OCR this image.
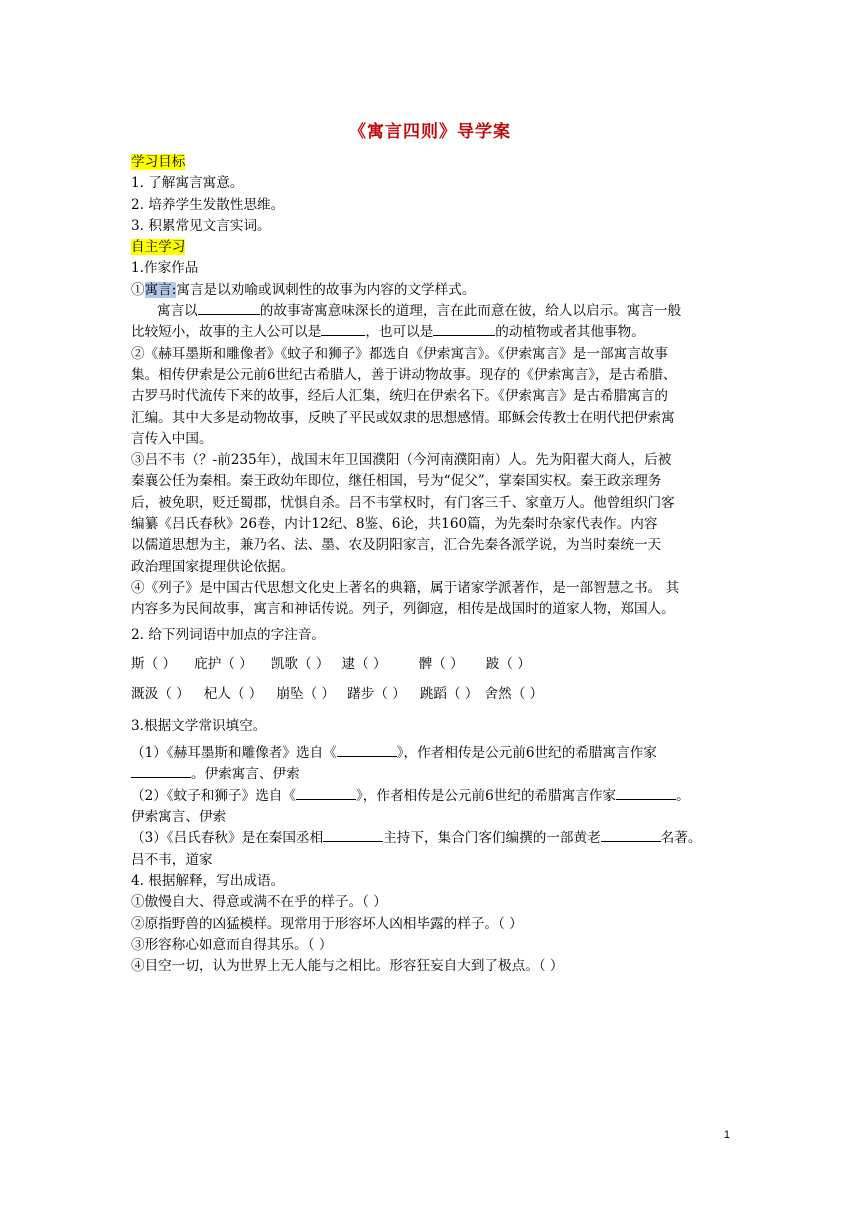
《寓言四则》导学案
学习目标
1. 了解寓言寓意。
2. 培养学生发散性思维。
3. 积累常见文言实词。
自主学习
1.作家作品
①寓言:寓言是以劝喻或讽刺性的故事为内容的文学样式。
寓言以	的故事寄寓意味深长的道理，言在此而意在彼，给人以启示。寓言一般
比较短小，故事的主人公可以是	，也可以是	的动植物或者其他事物。
②《赫耳墨斯和雕像者》《蚊子和狮子》都选自《伊索寓言》。《伊索寓言》是一部寓言故事
集。相传伊索是公元前6世纪古希腊人，善于讲动物故事。现存的《伊索寓言》，是古希腊、
古罗马时代流传下来的故事，经后人汇集，统归在伊索名下。《伊索寓言》是古希腊寓言的
汇编。其中大多是动物故事，反映了平民或奴隶的思想感情。耶稣会传教士在明代把伊索寓
言传入中国。
③吕不韦（？-前235年），战国末年卫国濮阳（今河南濮阳南）人。先为阳翟大商人，后被
秦襄公任为秦相。秦王政幼年即位，继任相国，号为“促父”，掌秦国实权。秦王政亲理务
后，被免职，贬迁蜀郡，忧惧自杀。吕不韦掌权时，有门客三千、家童万人。他曾组织门客
编纂《吕氏春秋》26卷，内计12纪、8鉴、6论，共160篇，为先秦时杂家代表作。内容
以儒道思想为主，兼乃名、法、墨、农及阴阳家言，汇合先秦各派学说，为当时秦统一天
政治理国家提理供论依据。
④《列子》是中国古代思想文化史上著名的典籍，属于诸家学派著作，是一部智慧之书。 其
内容多为民间故事，寓言和神话传说。列子，列御寇，相传是战国时的道家人物，郑国人。
2. 给下列词语中加点的字注音。
斯（ ） 庇护（ ） 凯歌（ ） 逮（ ） 髀（ ） 跛（ ）
溉汲（ ） 杞人（ ） 崩坠（ ） 躇步（ ） 跳蹈（ ） 舍然（ ）
3.根据文学常识填空。
（1）《赫耳墨斯和雕像者》选自《	》，作者相传是公元前6世纪的希腊寓言作家
。伊索寓言、伊索
（2）《蚊子和狮子》选自《	》，作者相传是公元前6世纪的希腊寓言作家	。
伊索寓言、伊索
（3）《吕氏春秋》是在秦国丞相	主持下，集合门客们编撰的一部黄老	名著。
吕不韦，道家
4. 根据解释，写出成语。
①傲慢自大、得意或满不在乎的样子。（ ）
②原指野兽的凶猛模样。现常用于形容坏人凶相毕露的样子。（ ）
③形容称心如意而自得其乐。（ ）
④目空一切，认为世界上无人能与之相比。形容狂妄自大到了极点。（ ）
1
